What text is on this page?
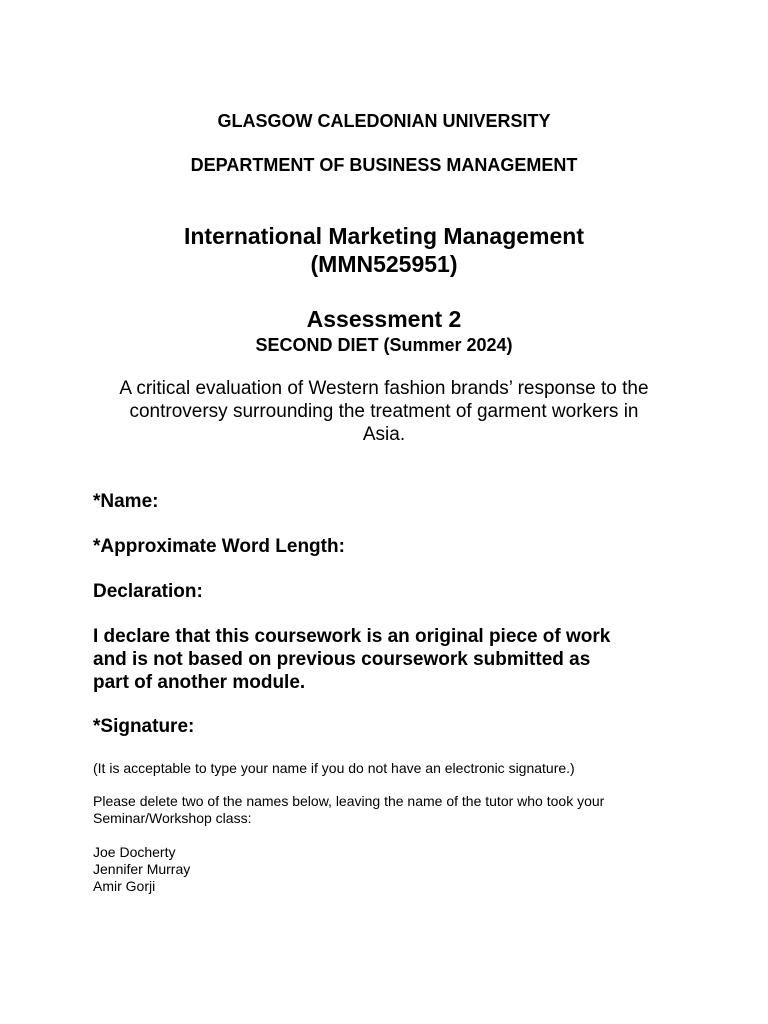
GLASGOW CALEDONIAN UNIVERSITY

DEPARTMENT OF BUSINESS MANAGEMENT

International Marketing Management
(MMN525951)

Assessment 2

SECOND DIET (Summer 2024)

A critical evaluation of Western fashion brands’ response to the
controversy surrounding the treatment of garment workers in
Asia.

*Name:

*Approximate Word Length:

Declaration:

I declare that this coursework is an original piece of work
and is not based on previous coursework submitted as
part of another module.

*Signature:

(It is acceptable to type your name if you do not have an electronic signature.)

Please delete two of the names below, leaving the name of the tutor who took your
Seminar/Workshop class:
Joe Docherty
Jennifer Murray
Amir Gorji
